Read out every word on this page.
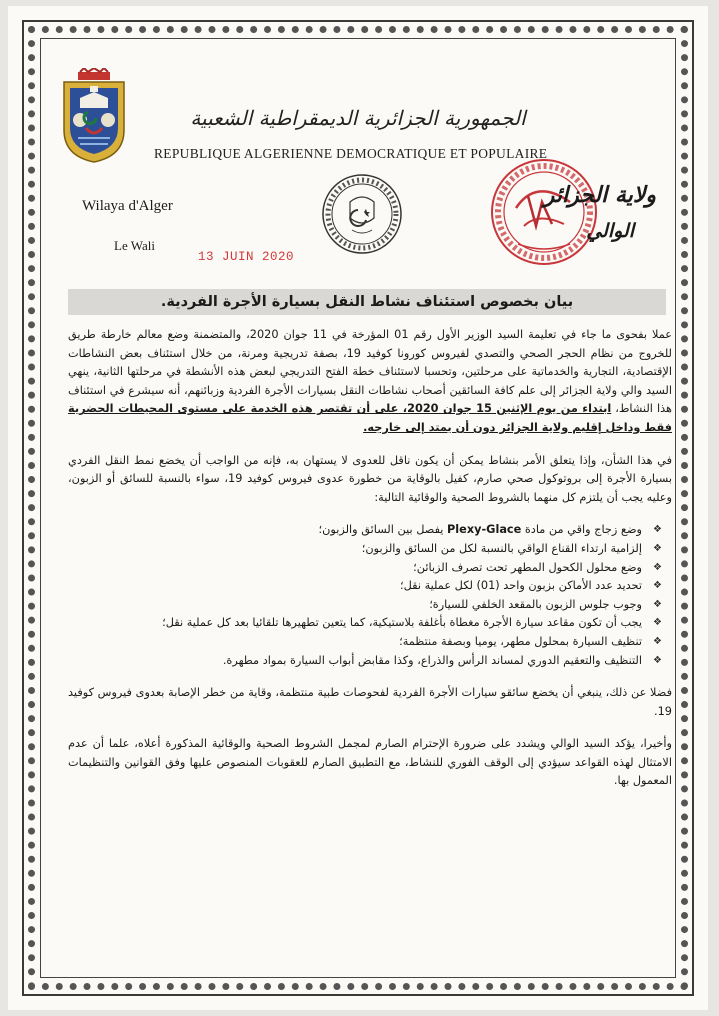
الجمهورية الجزائرية الديمقراطية الشعبية
REPUBLIQUE ALGERIENNE DEMOCRATIQUE ET POPULAIRE
Wilaya d'Alger
Le Wali
13 JUIN 2020
ولاية الجزائر
الوالي
بيان بخصوص استئناف نشاط النقل بسيارة الأجرة الفردية.

عملا بفحوى ما جاء في تعليمة السيد الوزير الأول رقم 01 المؤرخة في 11 جوان 2020، والمتضمنة وضع معالم خارطة طريق للخروج من نظام الحجر الصحي والتصدي لفيروس كورونا كوفيد 19، بصفة تدريجية ومرنة، من خلال استئناف بعض النشاطات الإقتصادية، التجارية والخدماتية على مرحلتين، وتحسبا لاستئناف خطة الفتح التدريجي لبعض هذه الأنشطة في مرحلتها الثانية، ينهي السيد والي ولاية الجزائر إلى علم كافة السائقين أصحاب نشاطات النقل بسيارات الأجرة الفردية وزبائنهم، أنه سيشرع في استئناف هذا النشاط، ابتداء من يوم الإثنين 15 جوان 2020، على أن تقتصر هذه الخدمة على مستوى المحيطات الحضرية فقط وداخل إقليم ولاية الجزائر دون أن يمتد إلى خارجه.

في هذا الشأن، وإذا يتعلق الأمر بنشاط يمكن أن يكون ناقل للعدوى لا يستهان به، فإنه من الواجب أن يخضع نمط النقل الفردي بسيارة الأجرة إلى بروتوكول صحي صارم، كفيل بالوقاية من خطورة عدوى فيروس كوفيد 19، سواء بالنسبة للسائق أو الزبون، وعليه يجب أن يلتزم كل منهما بالشروط الصحية والوقائية التالية:

❖ وضع زجاج واقي من مادة Plexy-Glace يفصل بين السائق والزبون؛
❖ إلزامية ارتداء القناع الواقي بالنسبة لكل من السائق والزبون؛
❖ وضع محلول الكحول المطهر تحت تصرف الزبائن؛
❖ تحديد عدد الأماكن بزبون واحد (01) لكل عملية نقل؛
❖ وجوب جلوس الزبون بالمقعد الخلفي للسيارة؛
❖ يجب أن تكون مقاعد سيارة الأجرة مغطاة بأغلفة بلاستيكية، كما يتعين تطهيرها تلقائيا بعد كل عملية نقل؛
❖ تنظيف السيارة بمحلول مطهر، يوميا وبصفة منتظمة؛
❖ التنظيف والتعقيم الدوري لمساند الرأس والذراع، وكذا مقابض أبواب السيارة بمواد مطهرة.

فضلا عن ذلك، ينبغي أن يخضع سائقو سيارات الأجرة الفردية لفحوصات طبية منتظمة، وقاية من خطر الإصابة بعدوى فيروس كوفيد 19.

وأخيرا، يؤكد السيد الوالي ويشدد على ضرورة الإحترام الصارم لمجمل الشروط الصحية والوقائية المذكورة أعلاه، علما أن عدم الامتثال لهذه القواعد سيؤدي إلى الوقف الفوري للنشاط، مع التطبيق الصارم للعقوبات المنصوص عليها وفق القوانين والتنظيمات المعمول بها.
